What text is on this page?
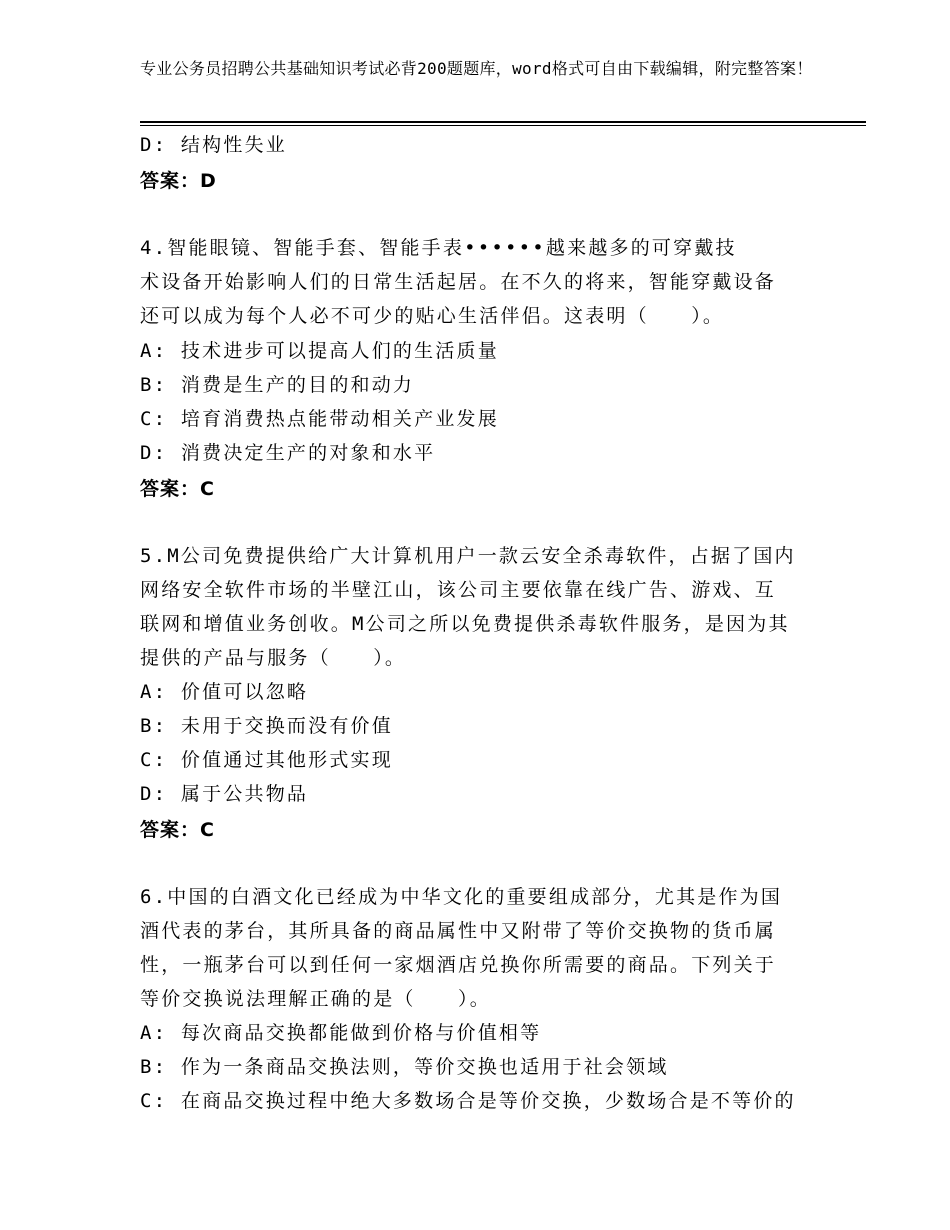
专业公务员招聘公共基础知识考试必背200题题库，word格式可自由下载编辑，附完整答案！
D: 结构性失业
答案：D
4.智能眼镜、智能手套、智能手表••••••越来越多的可穿戴技
术设备开始影响人们的日常生活起居。在不久的将来，智能穿戴设备
还可以成为每个人必不可少的贴心生活伴侣。这表明（　　）。
A: 技术进步可以提高人们的生活质量
B: 消费是生产的目的和动力
C: 培育消费热点能带动相关产业发展
D: 消费决定生产的对象和水平
答案：C
5.M公司免费提供给广大计算机用户一款云安全杀毒软件，占据了国内
网络安全软件市场的半壁江山，该公司主要依靠在线广告、游戏、互
联网和增值业务创收。M公司之所以免费提供杀毒软件服务，是因为其
提供的产品与服务（　　）。
A: 价值可以忽略
B: 未用于交换而没有价值
C: 价值通过其他形式实现
D: 属于公共物品
答案：C
6.中国的白酒文化已经成为中华文化的重要组成部分，尤其是作为国
酒代表的茅台，其所具备的商品属性中又附带了等价交换物的货币属
性，一瓶茅台可以到任何一家烟酒店兑换你所需要的商品。下列关于
等价交换说法理解正确的是（　　）。
A: 每次商品交换都能做到价格与价值相等
B: 作为一条商品交换法则，等价交换也适用于社会领域
C: 在商品交换过程中绝大多数场合是等价交换，少数场合是不等价的
